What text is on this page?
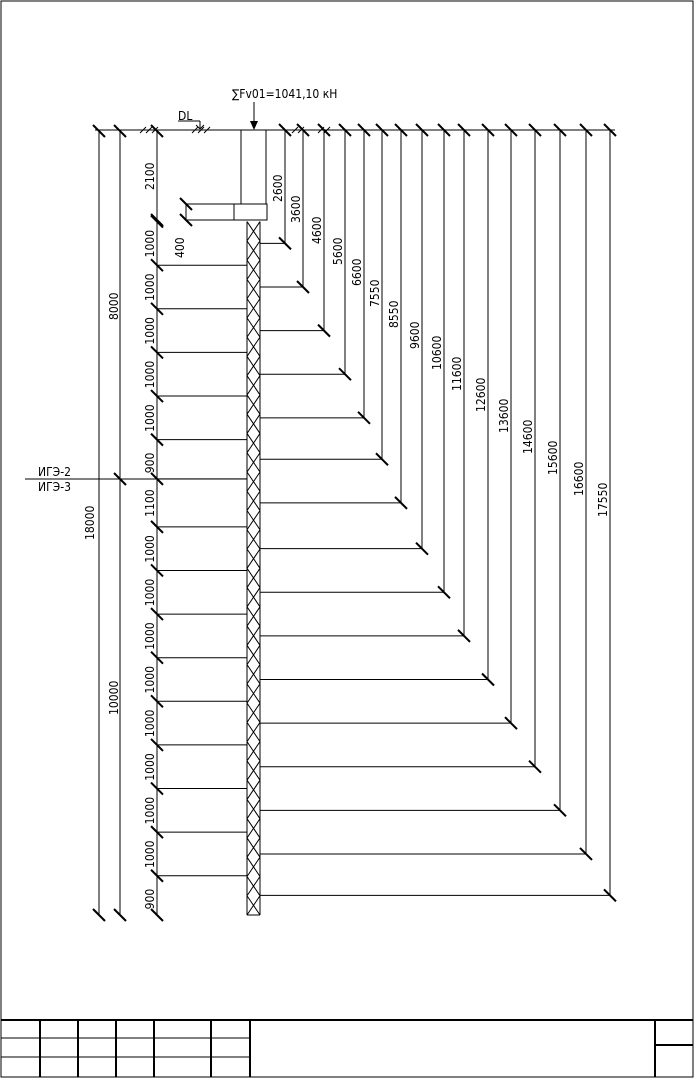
DL
∑Fv01=1041,10 кН
ИГЭ-2
ИГЭ-3
18000
8000
10000
2100
400
1000
1000
1000
1000
1000
900
1100
1000
1000
1000
1000
1000
1000
1000
1000
900
2600
3600
4600
5600
6600
7550
8550
9600
10600
11600
12600
13600
14600
15600
16600
17550
